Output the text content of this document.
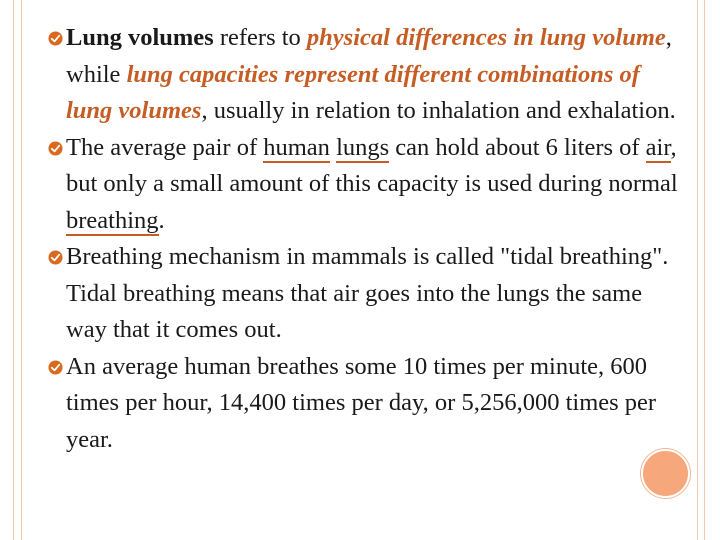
Lung volumes refers to physical differences in lung volume, while lung capacities represent different combinations of lung volumes, usually in relation to inhalation and exhalation.
The average pair of human lungs can hold about 6 liters of air, but only a small amount of this capacity is used during normal breathing.
Breathing mechanism in mammals is called "tidal breathing". Tidal breathing means that air goes into the lungs the same way that it comes out.
An average human breathes some 10 times per minute, 600 times per hour, 14,400 times per day, or 5,256,000 times per year.
